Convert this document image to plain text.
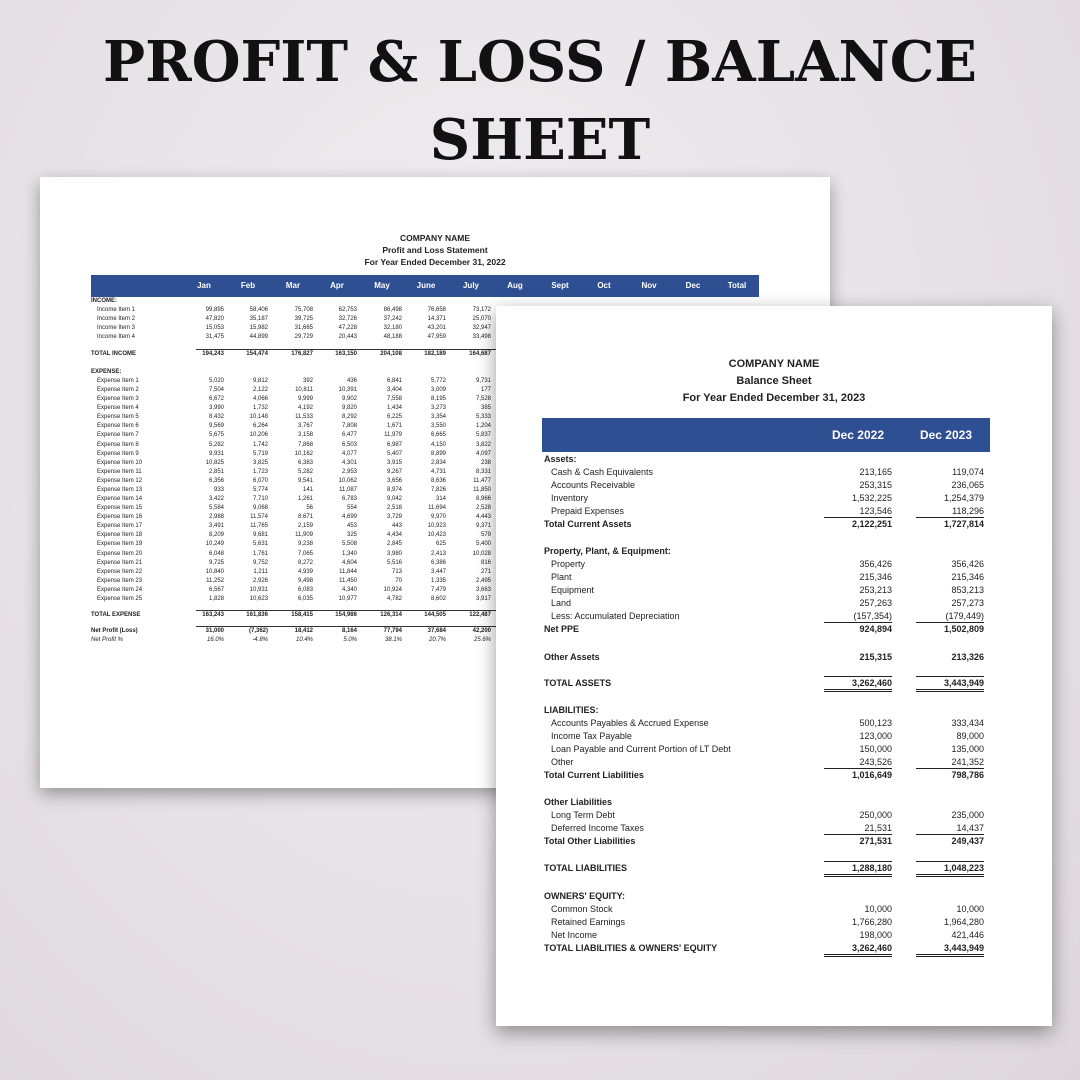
PROFIT & LOSS / BALANCE
SHEET
COMPANY NAME
Profit and Loss Statement
For Year Ended December 31, 2022
Jan	Feb	Mar	Apr	May	June	July	Aug	Sept	Oct	Nov	Dec	Total
INCOME:
Income Item 1	99,895	58,406	75,708	62,753	86,498	76,658	73,172
Income Item 2	47,820	35,187	39,725	32,726	37,242	14,371	25,070
Income Item 3	15,053	15,982	31,665	47,228	32,180	43,201	32,947
Income Item 4	31,475	44,899	29,729	20,443	48,188	47,959	33,498
TOTAL INCOME	194,243	154,474	176,827	163,150	204,108	182,189	164,687
EXPENSE:
Expense Item 1	5,020	9,812	392	436	6,841	5,772	9,731
Expense Item 2	7,504	2,122	10,811	10,391	3,404	3,009	177
Expense Item 3	6,672	4,066	9,999	9,902	7,558	8,195	7,528
Expense Item 4	3,990	1,732	4,192	9,820	1,434	3,273	385
Expense Item 5	8,432	10,148	11,533	8,292	6,225	3,354	5,333
Expense Item 6	9,569	6,264	3,767	7,808	1,671	3,550	1,204
Expense Item 7	5,675	10,206	3,158	6,477	11,979	6,665	5,837
Expense Item 8	5,282	1,742	7,868	6,503	6,987	4,150	3,822
Expense Item 9	9,931	5,719	10,162	4,077	5,407	8,899	4,097
Expense Item 10	10,825	3,825	6,383	4,301	3,915	2,834	238
Expense Item 11	2,851	1,723	5,282	2,953	9,267	4,731	8,331
Expense Item 12	6,356	6,070	9,541	10,062	3,656	8,636	11,477
Expense Item 13	933	5,774	141	11,087	8,974	7,826	11,850
Expense Item 14	3,422	7,710	1,261	6,783	9,042	314	8,966
Expense Item 15	5,584	9,068	56	554	2,518	11,694	2,528
Expense Item 16	2,988	11,574	8,671	4,699	3,729	9,970	4,443
Expense Item 17	3,491	11,765	2,159	453	443	10,923	9,371
Expense Item 18	8,209	9,681	11,909	325	4,434	10,423	579
Expense Item 19	10,249	5,631	9,238	5,508	2,845	625	5,400
Expense Item 20	6,048	1,761	7,065	1,340	3,980	2,413	10,028
Expense Item 21	9,725	9,752	8,272	4,604	5,516	6,386	816
Expense Item 22	10,840	1,211	4,939	11,844	713	3,447	271
Expense Item 23	11,252	2,926	9,498	11,450	70	1,335	2,495
Expense Item 24	6,567	10,931	6,083	4,340	10,924	7,479	3,663
Expense Item 25	1,828	10,623	6,035	10,977	4,782	8,602	3,917
TOTAL EXPENSE	163,243	161,836	158,415	154,986	126,314	144,505	122,487
Net Profit (Loss)	31,000	(7,362)	18,412	8,164	77,794	37,684	42,200
Net Profit %	16.0%	-4.8%	10.4%	5.0%	38.1%	20.7%	25.6%
COMPANY NAME
Balance Sheet
For Year Ended December 31, 2023
Dec 2022	Dec 2023
Assets:
Cash & Cash Equivalents	213,165	119,074
Accounts Receivable	253,315	236,065
Inventory	1,532,225	1,254,379
Prepaid Expenses	123,546	118,296
Total Current Assets	2,122,251	1,727,814
Property, Plant, & Equipment:
Property	356,426	356,426
Plant	215,346	215,346
Equipment	253,213	853,213
Land	257,263	257,273
Less: Accumulated Depreciation	(157,354)	(179,449)
Net PPE	924,894	1,502,809
Other Assets	215,315	213,326
TOTAL ASSETS	3,262,460	3,443,949
LIABILITIES:
Accounts Payables & Accrued Expense	500,123	333,434
Income Tax Payable	123,000	89,000
Loan Payable and Current Portion of LT Debt	150,000	135,000
Other	243,526	241,352
Total Current Liabilities	1,016,649	798,786
Other Liabilities
Long Term Debt	250,000	235,000
Deferred Income Taxes	21,531	14,437
Total Other Liabilities	271,531	249,437
TOTAL LIABILITIES	1,288,180	1,048,223
OWNERS' EQUITY:
Common Stock	10,000	10,000
Retained Earnings	1,766,280	1,964,280
Net Income	198,000	421,446
TOTAL LIABILITIES & OWNERS' EQUITY	3,262,460	3,443,949
